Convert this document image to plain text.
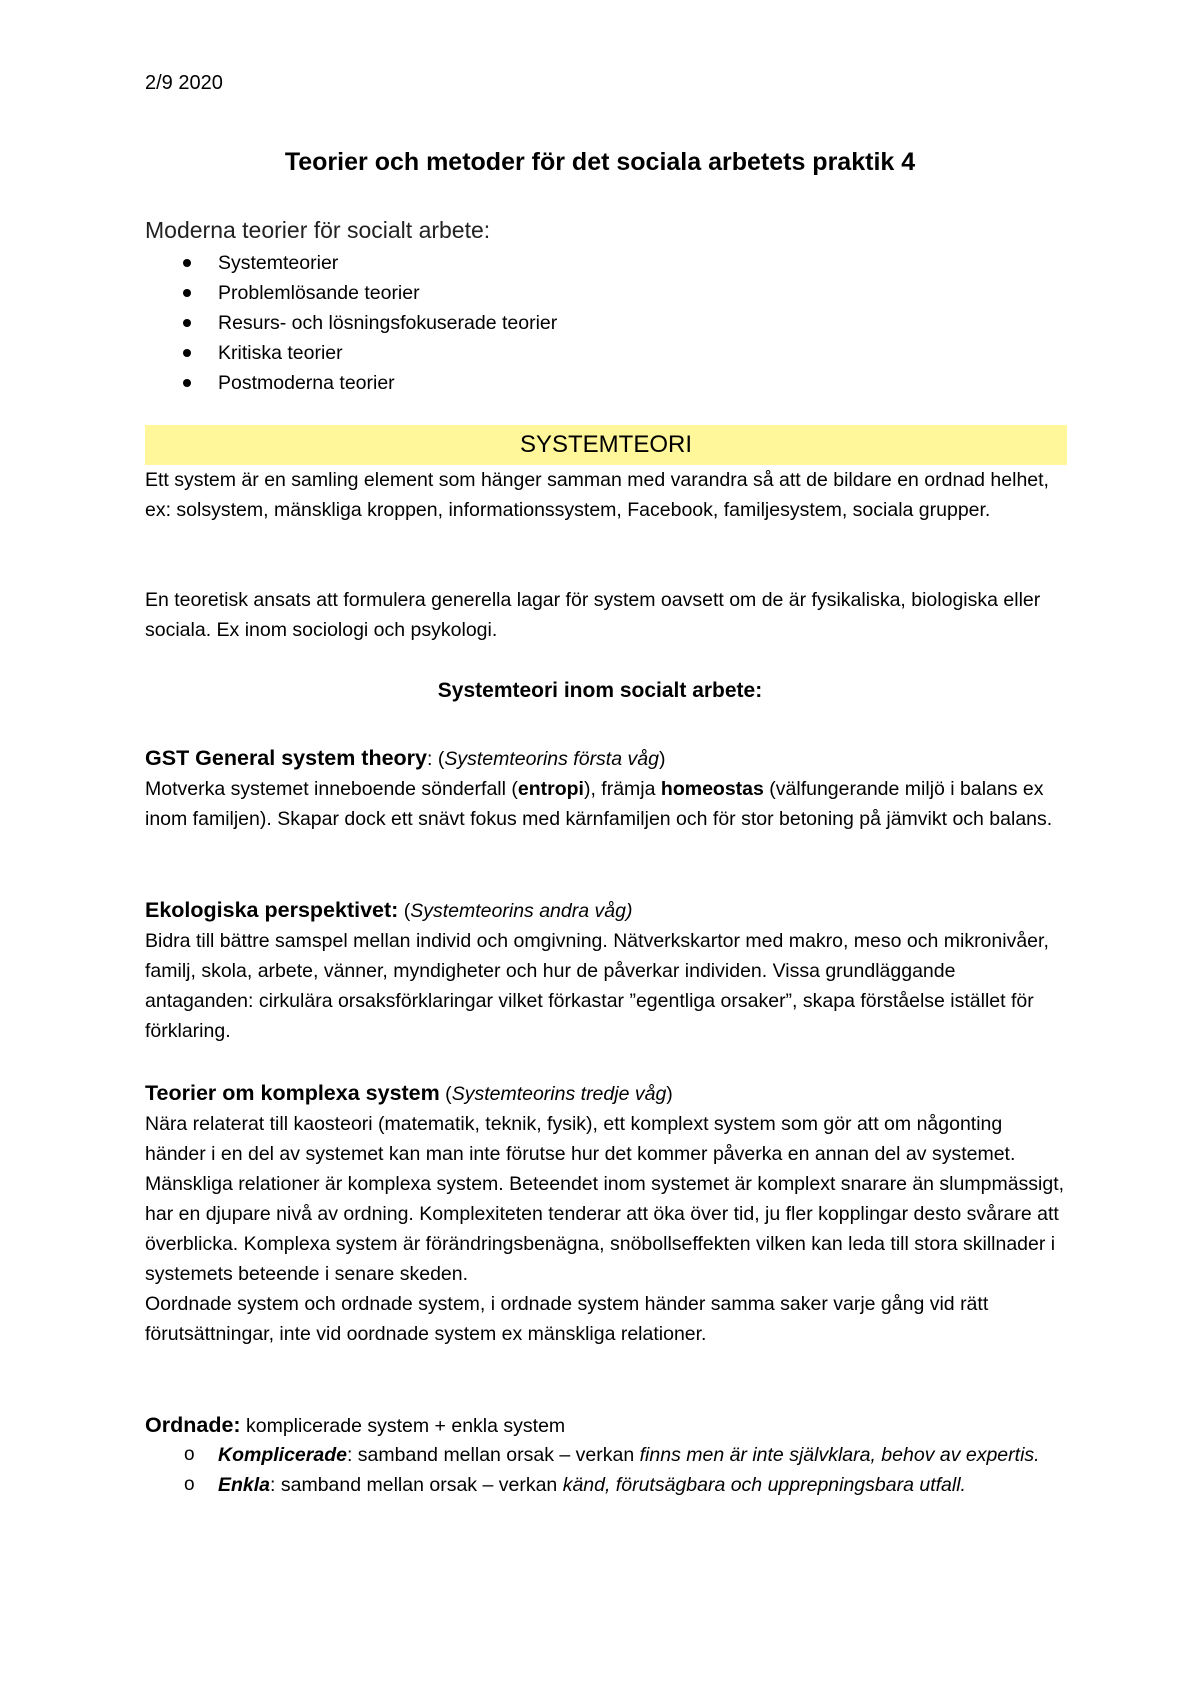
2/9 2020
Teorier och metoder för det sociala arbetets praktik 4
Moderna teorier för socialt arbete:
Systemteorier
Problemlösande teorier
Resurs- och lösningsfokuserade teorier
Kritiska teorier
Postmoderna teorier
SYSTEMTEORI

Ett system är en samling element som hänger samman med varandra så att de bildare en ordnad helhet, ex: solsystem, mänskliga kroppen, informationssystem, Facebook, familjesystem, sociala grupper.

En teoretisk ansats att formulera generella lagar för system oavsett om de är fysikaliska, biologiska eller sociala. Ex inom sociologi och psykologi.

Systemteori inom socialt arbete:

GST General system theory: (Systemteorins första våg)
Motverka systemet inneboende sönderfall (entropi), främja homeostas (välfungerande miljö i balans ex inom familjen). Skapar dock ett snävt fokus med kärnfamiljen och för stor betoning på jämvikt och balans.

Ekologiska perspektivet: (Systemteorins andra våg)
Bidra till bättre samspel mellan individ och omgivning. Nätverkskartor med makro, meso och mikronivåer, familj, skola, arbete, vänner, myndigheter och hur de påverkar individen. Vissa grundläggande antaganden: cirkulära orsaksförklaringar vilket förkastar ”egentliga orsaker”, skapa förståelse istället för förklaring.

Teorier om komplexa system (Systemteorins tredje våg)
Nära relaterat till kaosteori (matematik, teknik, fysik), ett komplext system som gör att om någonting händer i en del av systemet kan man inte förutse hur det kommer påverka en annan del av systemet. Mänskliga relationer är komplexa system. Beteendet inom systemet är komplext snarare än slumpmässigt, har en djupare nivå av ordning. Komplexiteten tenderar att öka över tid, ju fler kopplingar desto svårare att överblicka. Komplexa system är förändringsbenägna, snöbollseffekten vilken kan leda till stora skillnader i systemets beteende i senare skeden.
Oordnade system och ordnade system, i ordnade system händer samma saker varje gång vid rätt förutsättningar, inte vid oordnade system ex mänskliga relationer.

Ordnade: komplicerade system + enkla system

o Komplicerade: samband mellan orsak – verkan finns men är inte självklara, behov av expertis.
o Enkla: samband mellan orsak – verkan känd, förutsägbara och upprepningsbara utfall.
